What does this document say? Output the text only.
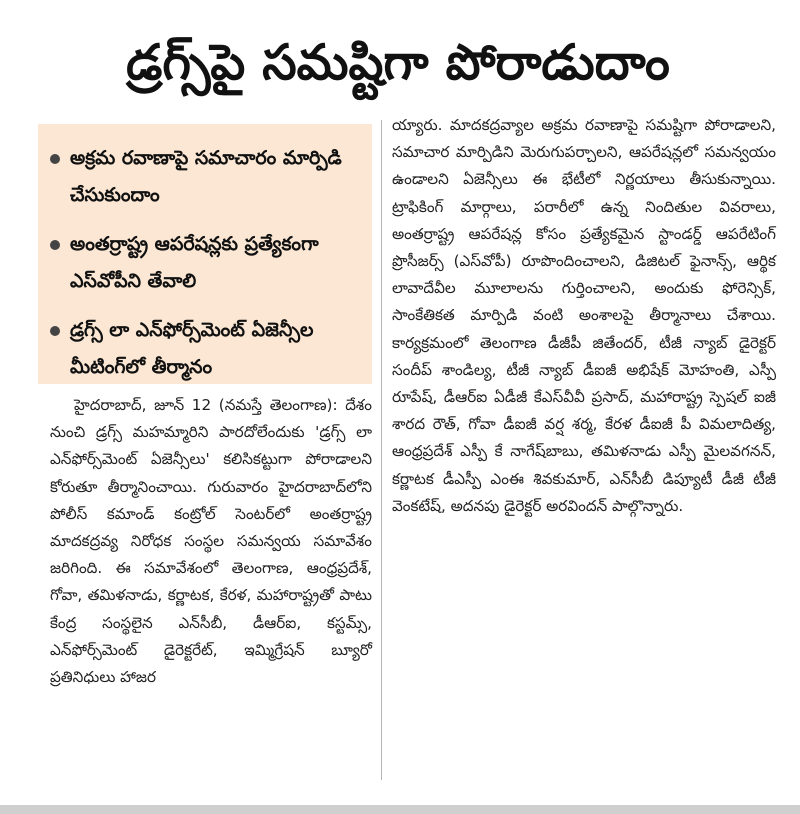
డ్రగ్స్‌పై సమష్టిగా పోరాడుదాం
అక్రమ రవాణాపై సమాచారం మార్పిడి చేసుకుందాం
అంతర్రాష్ట్ర ఆపరేషన్లకు ప్రత్యేకంగా ఎస్‌వోపీని తేవాలి
డ్రగ్స్ లా ఎన్‌ఫోర్స్‌మెంట్ ఏజెన్సీల మీటింగ్‌లో తీర్మానం
హైదరాబాద్, జూన్ 12 (నమస్తే తెలంగాణ): దేశం నుంచి డ్రగ్స్ మహమ్మారిని పారదోలేందుకు 'డ్రగ్స్ లా ఎన్‌ఫోర్స్‌మెంట్ ఏజెన్సీలు' కలిసికట్టుగా పోరాడాలని కోరుతూ తీర్మానించాయి. గురువారం హైదరాబాద్‌లోని పోలీస్ కమాండ్ కంట్రోల్ సెంటర్‌లో అంతర్రాష్ట్ర మాదకద్రవ్య నిరోధక సంస్థల సమన్వయ సమావేశం జరిగింది. ఈ సమావేశంలో తెలంగాణ, ఆంధ్రప్రదేశ్, గోవా, తమిళనాడు, కర్ణాటక, కేరళ, మహారాష్ట్రతో పాటు కేంద్ర సంస్థలైన ఎన్‌సీబీ, డీఆర్‌ఐ, కస్టమ్స్, ఎన్‌ఫోర్స్‌మెంట్ డైరెక్టరేట్, ఇమ్మిగ్రేషన్ బ్యూరో ప్రతినిధులు హాజర
య్యారు. మాదకద్రవ్యాల అక్రమ రవాణాపై సమష్టిగా పోరాడాలని, సమాచార మార్పిడిని మెరుగుపర్చాలని, ఆపరేషన్లలో సమన్వయం ఉండాలని ఏజెన్సీలు ఈ భేటీలో నిర్ణయాలు తీసుకున్నాయి. ట్రాఫికింగ్ మార్గాలు, పరారీలో ఉన్న నిందితుల వివరాలు, అంతర్రాష్ట్ర ఆపరేషన్ల కోసం ప్రత్యేకమైన స్టాండర్డ్ ఆపరేటింగ్ ప్రొసీజర్స్ (ఎస్‌వోపీ) రూపొందించాలని, డిజిటల్ ఫైనాన్స్, ఆర్థిక లావాదేవీల మూలాలను గుర్తించాలని, అందుకు ఫోరెన్సిక్, సాంకేతికత మార్పిడి వంటి అంశాలపై తీర్మానాలు చేశాయి. కార్యక్రమంలో తెలంగాణ డీజీపీ జితేందర్, టీజీ న్యాబ్ డైరెక్టర్ సందీప్ శాండిల్య, టీజీ న్యాబ్ డీఐజీ అభిషేక్ మోహంతి, ఎస్పీ రూపేష్, డీఆర్‌ఐ ఏడీజీ కేఎస్‌వీవీ ప్రసాద్, మహారాష్ట్ర స్పెషల్ ఐజీ శారద రౌత్, గోవా డీఐజీ వర్ష శర్మ, కేరళ డీఐజీ పీ విమలాదిత్య, ఆంధ్రప్రదేశ్ ఎస్పీ కే నాగేష్‌బాబు, తమిళనాడు ఎస్పీ మైలవగనన్, కర్ణాటక డీఎస్పీ ఎంఈ శివకుమార్, ఎన్‌సీబీ డిప్యూటీ డీజీ టీజీ వెంకటేష్, అదనపు డైరెక్టర్ అరవిందన్ పాల్గొన్నారు.
